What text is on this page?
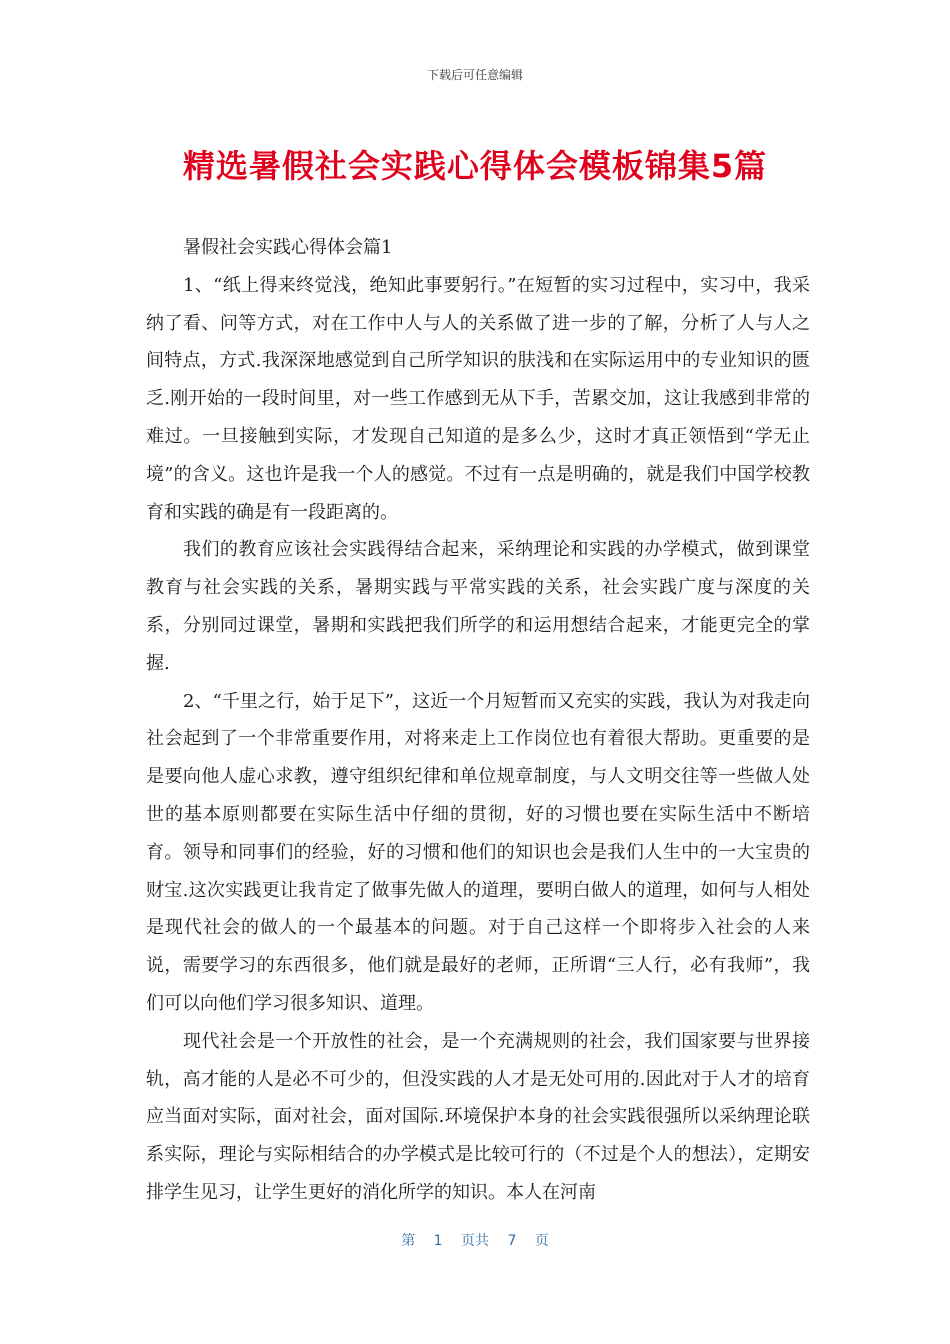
下载后可任意编辑
精选暑假社会实践心得体会模板锦集5篇

暑假社会实践心得体会篇1

1、“纸上得来终觉浅，绝知此事要躬行。”在短暂的实习过程中，实习中，我采纳了看、问等方式，对在工作中人与人的关系做了进一步的了解，分析了人与人之间特点，方式.我深深地感觉到自己所学知识的肤浅和在实际运用中的专业知识的匮乏.刚开始的一段时间里，对一些工作感到无从下手，苦累交加，这让我感到非常的难过。一旦接触到实际，才发现自己知道的是多么少，这时才真正领悟到“学无止境”的含义。这也许是我一个人的感觉。不过有一点是明确的，就是我们中国学校教育和实践的确是有一段距离的。

我们的教育应该社会实践得结合起来，采纳理论和实践的办学模式，做到课堂教育与社会实践的关系，暑期实践与平常实践的关系，社会实践广度与深度的关系，分别同过课堂，暑期和实践把我们所学的和运用想结合起来，才能更完全的掌握.

2、“千里之行，始于足下”，这近一个月短暂而又充实的实践，我认为对我走向社会起到了一个非常重要作用，对将来走上工作岗位也有着很大帮助。更重要的是是要向他人虚心求教，遵守组织纪律和单位规章制度，与人文明交往等一些做人处世的基本原则都要在实际生活中仔细的贯彻，好的习惯也要在实际生活中不断培育。领导和同事们的经验，好的习惯和他们的知识也会是我们人生中的一大宝贵的财宝.这次实践更让我肯定了做事先做人的道理，要明白做人的道理，如何与人相处是现代社会的做人的一个最基本的问题。对于自己这样一个即将步入社会的人来说，需要学习的东西很多，他们就是最好的老师，正所谓“三人行，必有我师”，我们可以向他们学习很多知识、道理。

现代社会是一个开放性的社会，是一个充满规则的社会，我们国家要与世界接轨，高才能的人是必不可少的，但没实践的人才是无处可用的.因此对于人才的培育应当面对实际，面对社会，面对国际.环境保护本身的社会实践很强所以采纳理论联系实际，理论与实际相结合的办学模式是比较可行的（不过是个人的想法），定期安排学生见习，让学生更好的消化所学的知识。本人在河南

第 1 页共 7 页
